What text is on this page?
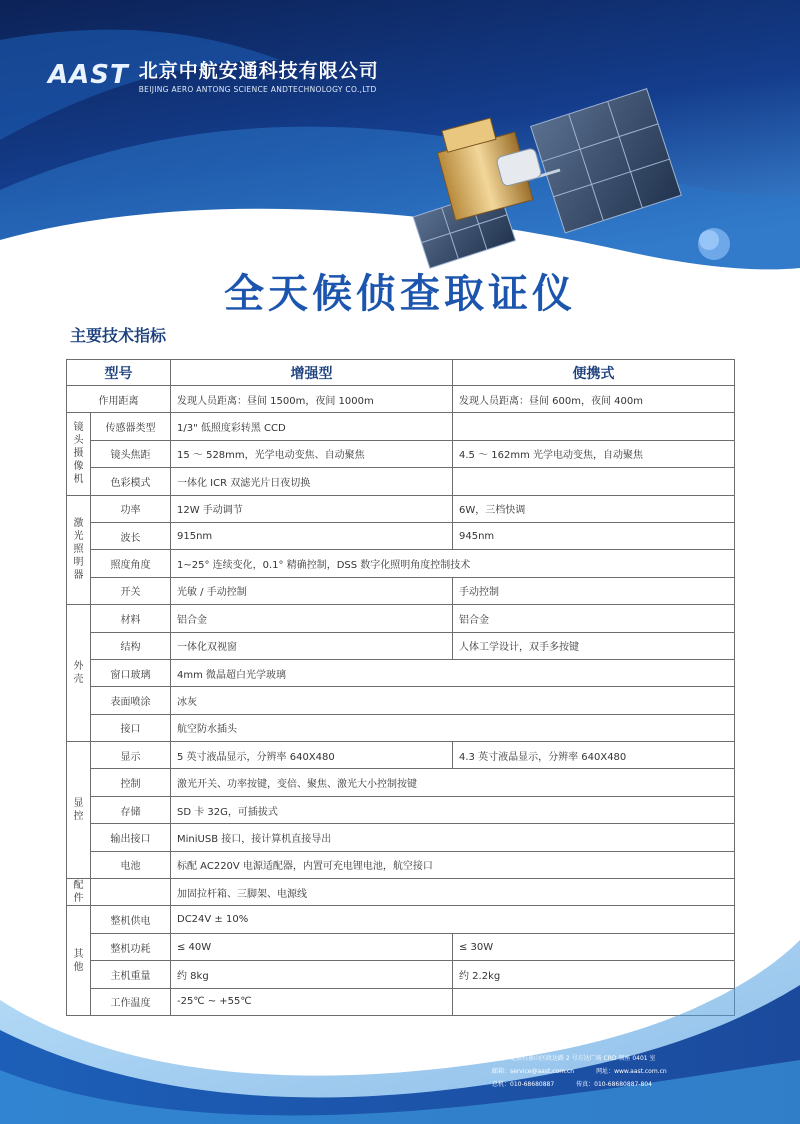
AAST 北京中航安通科技有限公司
BEIJING AERO ANTONG SCIENCE ANDTECHNOLOGY CO.,LTD
全天候侦查取证仪
主要技术指标
型号		增强型	便携式
作用距离		发现人员距离：昼间 1500m，夜间 1000m	发现人员距离：昼间 600m，夜间 400m
镜头摄像机	传感器类型	1/3" 低照度彩转黑 CCD	
	镜头焦距	15 ～ 528mm，光学电动变焦、自动聚焦	4.5 ～ 162mm 光学电动变焦，自动聚焦
	色彩模式	一体化 ICR 双滤光片日夜切换	
激光照明器	功率	12W 手动调节	6W，三档快调
	波长	915nm	945nm
	照度角度	1~25° 连续变化，0.1° 精确控制，DSS 数字化照明角度控制技术	
	开关	光敏 / 手动控制	手动控制
外壳	材料	铝合金	铝合金
	结构	一体化双视窗	人体工学设计，双手多按键
	窗口玻璃	4mm 微晶超白光学玻璃	
	表面喷涂	冰灰	
	接口	航空防水插头	
显控	显示	5 英寸液晶显示，分辨率 640X480	4.3 英寸液晶显示，分辨率 640X480
	控制	激光开关、功率按键，变倍、聚焦、激光大小控制按键	
	存储	SD 卡 32G，可插拔式	
	输出接口	MiniUSB 接口，接计算机直接导出	
	电池	标配 AC220V 电源适配器，内置可充电锂电池，航空接口	
配件		加固拉杆箱、三脚架、电源线	
其他	整机供电	DC24V ± 10%	
	整机功耗	≤ 40W	≤ 30W
	主机重量	约 8kg	约 2.2kg
	工作温度	-25℃ ~ +55℃	
地址：北京石景山区政达路 2 号方达广场 CRD 领座 0401 室
邮箱：service@aast.com.cn	网址：www.aast.com.cn
总机：010-68680887	传真：010-68680887-804
